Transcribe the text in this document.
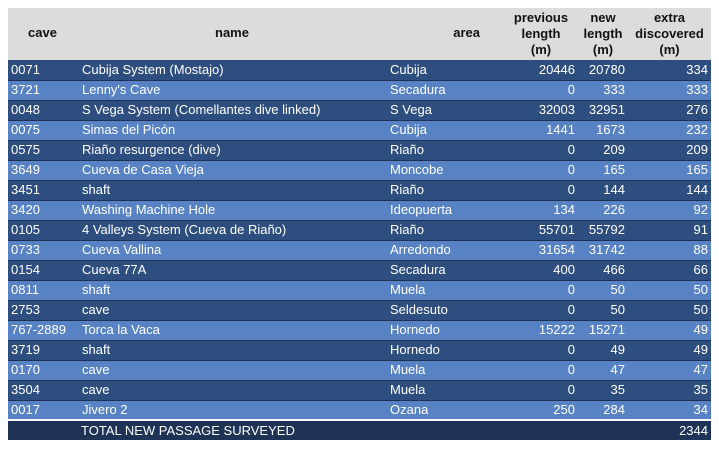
cave	name	area	previous
length
(m)	new
length
(m)	extra
discovered
(m)

0071	Cubija System (Mostajo)	Cubija	20446	20780	334
3721	Lenny's Cave	Secadura	0	333	333
0048	S Vega System (Comellantes dive linked)	S Vega	32003	32951	276
0075	Simas del Picón	Cubija	1441	1673	232
0575	Riaño resurgence (dive)	Riaño	0	209	209
3649	Cueva de Casa Vieja	Moncobe	0	165	165
3451	shaft	Riaño	0	144	144
3420	Washing Machine Hole	Ideopuerta	134	226	92
0105	4 Valleys System (Cueva de Riaño)	Riaño	55701	55792	91
0733	Cueva Vallina	Arredondo	31654	31742	88
0154	Cueva 77A	Secadura	400	466	66
0811	shaft	Muela	0	50	50
2753	cave	Seldesuto	0	50	50
767-2889	Torca la Vaca	Hornedo	15222	15271	49
3719	shaft	Hornedo	0	49	49
0170	cave	Muela	0	47	47
3504	cave	Muela	0	35	35
0017	Jivero 2	Ozana	250	284	34
	TOTAL NEW PASSAGE SURVEYED				2344
